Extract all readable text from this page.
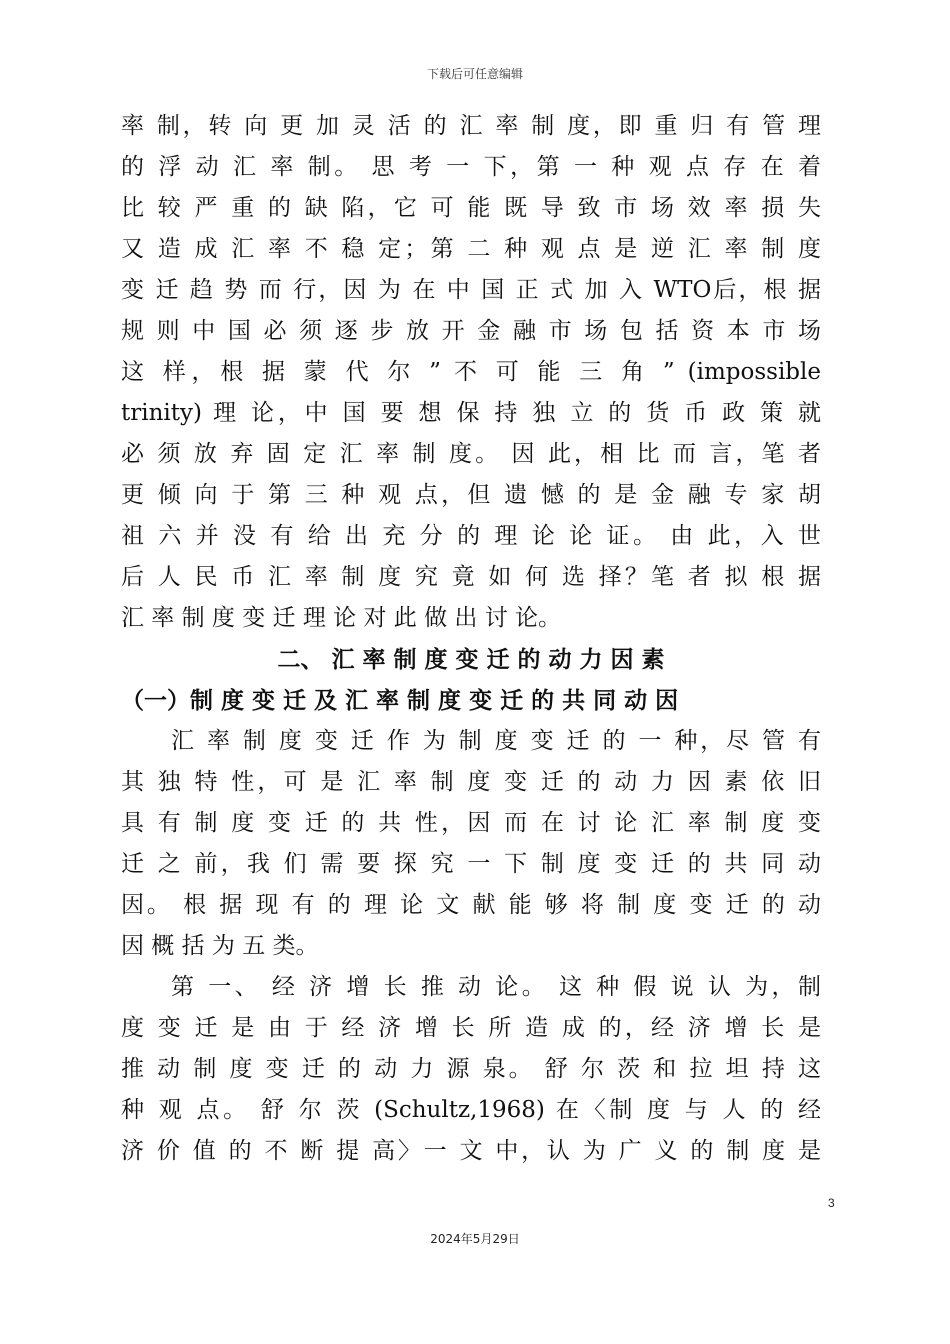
下载后可任意编辑
率 制，转 向 更 加 灵 活 的 汇 率 制 度，即 重 归 有 管 理
的 浮 动 汇 率 制。 思 考 一 下，第 一 种 观 点 存 在 着
比 较 严 重 的 缺 陷，它 可 能 既 导 致 市 场 效 率 损 失
又 造 成 汇 率 不 稳 定；第 二 种 观 点 是 逆 汇 率 制 度
变 迁 趋 势 而 行，因 为 在 中 国 正 式 加 入 WTO后，根 据
规 则 中 国 必 须 逐 步 放 开 金 融 市 场 包 括 资 本 市 场
这 样，根 据 蒙 代 尔 ” 不 可 能 三 角 ” (impossible
trinity) 理 论，中 国 要 想 保 持 独 立 的 货 币 政 策 就
必 须 放 弃 固 定 汇 率 制 度。 因 此，相 比 而 言，笔 者
更 倾 向 于 第 三 种 观 点，但 遗 憾 的 是 金 融 专 家 胡
祖 六 并 没 有 给 出 充 分 的 理 论 论 证。 由 此，入 世
后 人 民 币 汇 率 制 度 究 竟 如 何 选 择？笔 者 拟 根 据
汇 率 制 度 变 迁 理 论 对 此 做 出 讨 论。
二、 汇 率 制 度 变 迁 的 动 力 因 素
（一）制 度 变 迁 及 汇 率 制 度 变 迁 的 共 同 动 因
汇 率 制 度 变 迁 作 为 制 度 变 迁 的 一 种，尽 管 有
其 独 特 性，可 是 汇 率 制 度 变 迁 的 动 力 因 素 依 旧
具 有 制 度 变 迁 的 共 性，因 而 在 讨 论 汇 率 制 度 变
迁 之 前，我 们 需 要 探 究 一 下 制 度 变 迁 的 共 同 动
因。 根 据 现 有 的 理 论 文 献 能 够 将 制 度 变 迁 的 动
因 概 括 为 五 类。
第 一、 经 济 增 长 推 动 论。 这 种 假 说 认 为，制
度 变 迁 是 由 于 经 济 增 长 所 造 成 的，经 济 增 长 是
推 动 制 度 变 迁 的 动 力 源 泉。 舒 尔 茨 和 拉 坦 持 这
种 观 点。 舒 尔 茨 (Schultz,1968) 在〈制 度 与 人 的 经
济 价 值 的 不 断 提 高〉一 文 中，认 为 广 义 的 制 度 是
3
2024年5月29日
